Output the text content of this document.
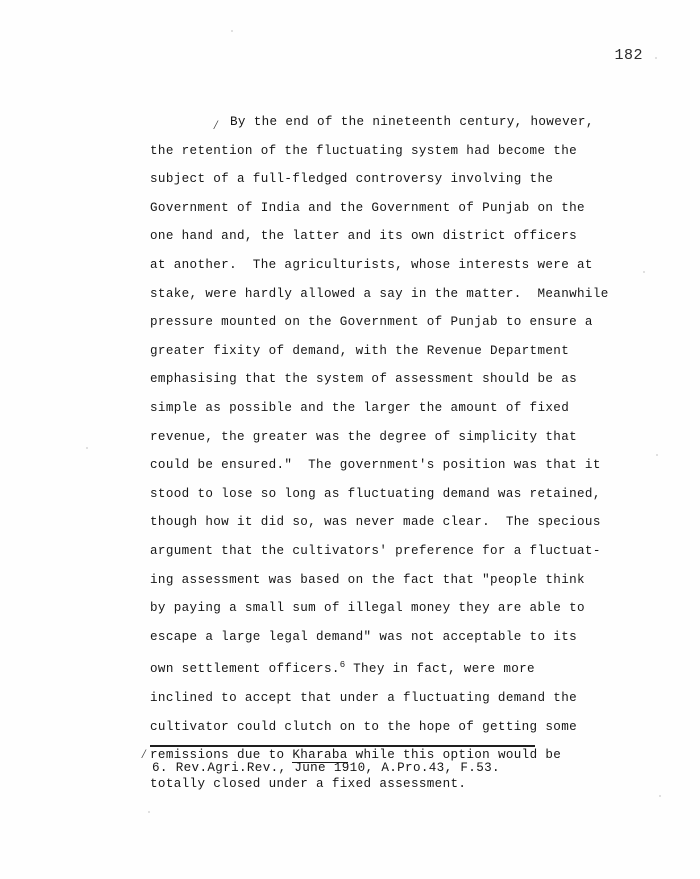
182

⁄ By the end of the nineteenth century, however,
the retention of the fluctuating system had become the
subject of a full-fledged controversy involving the
Government of India and the Government of Punjab on the
one hand and, the latter and its own district officers
at another.  The agriculturists, whose interests were at
stake, were hardly allowed a say in the matter.  Meanwhile
pressure mounted on the Government of Punjab to ensure a
greater fixity of demand, with the Revenue Department
emphasising that the system of assessment should be as
simple as possible and the larger the amount of fixed
revenue, the greater was the degree of simplicity that
could be ensured."  The government's position was that it
stood to lose so long as fluctuating demand was retained,
though how it did so, was never made clear.  The specious
argument that the cultivators' preference for a fluctuat-
ing assessment was based on the fact that "people think
by paying a small sum of illegal money they are able to
escape a large legal demand" was not acceptable to its
own settlement officers.$^6$ They in fact, were more
inclined to accept that under a fluctuating demand the
cultivator could clutch on to the hope of getting some
⁄ remissions due to Kharaba while this option would be
totally closed under a fixed assessment.

6. Rev.Agri.Rev., June 1910, A.Pro.43, F.53.
